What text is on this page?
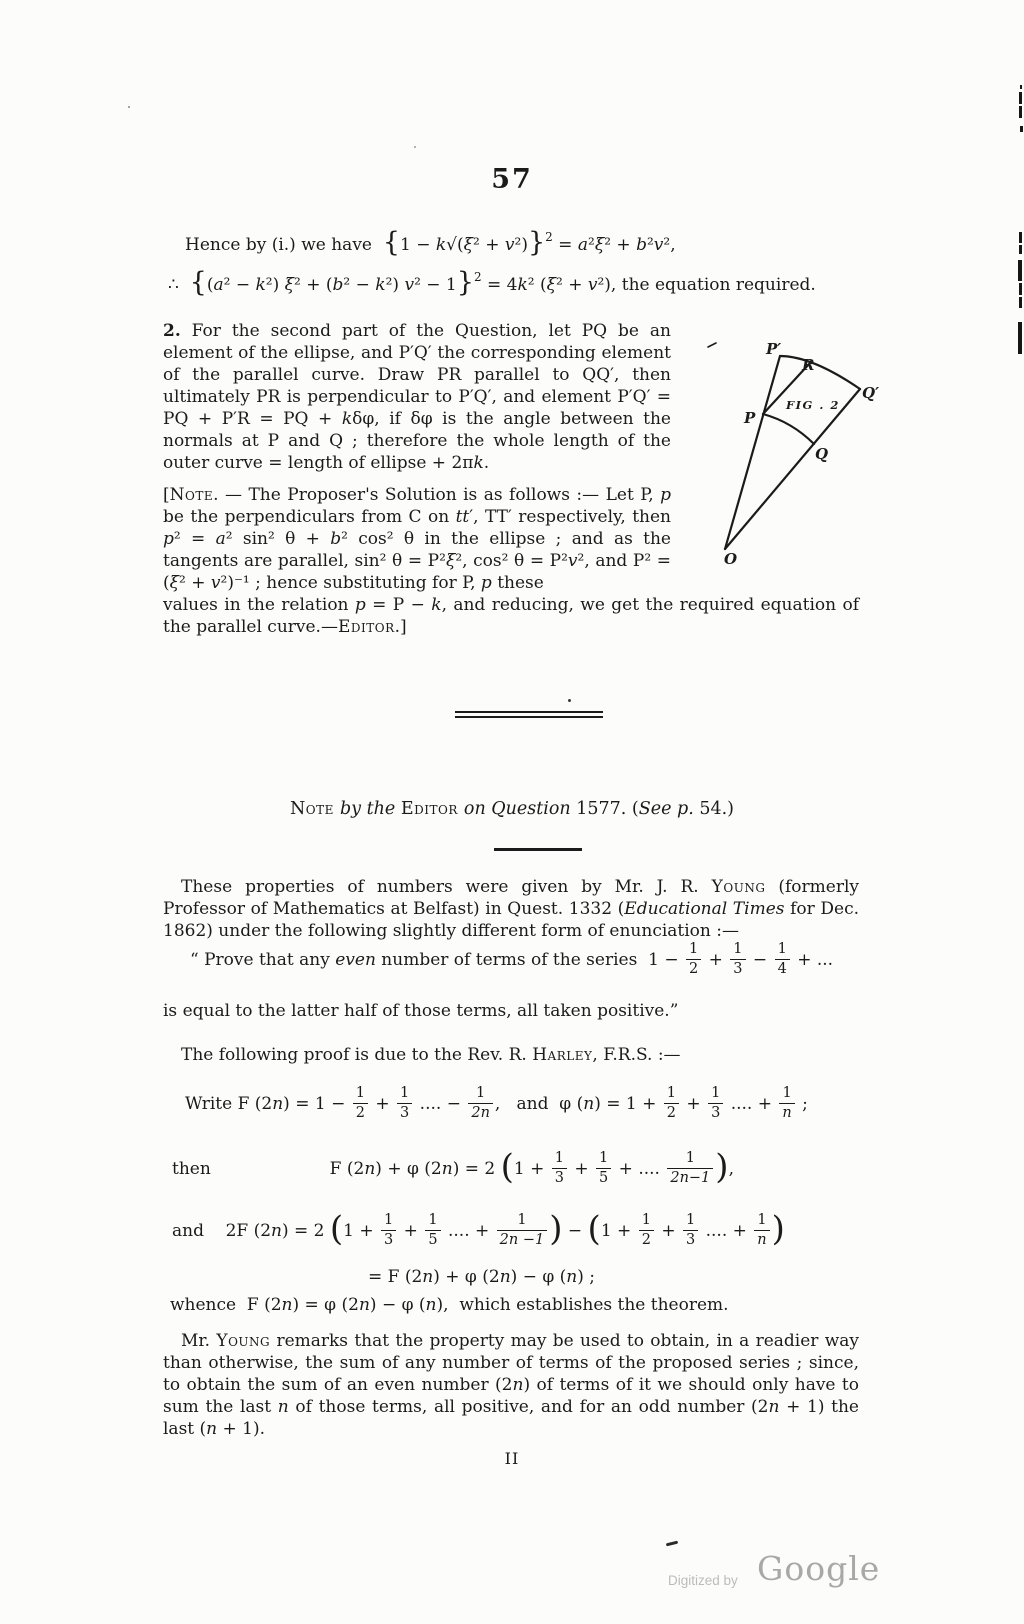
57
Hence by (i.) we have { 1 − k √( ξ ² + v ²) } 2 = a ² ξ ² + b ² v ²,
∴ { ( a ² − k ²) ξ ² + ( b ² − k ²) v ² − 1 } 2 = 4 k ² ( ξ ² + v ²), the equation required.
2. For the second part of the Question, let PQ be an element of the ellipse, and P′Q′ the corresponding element of the parallel curve. Draw PR parallel to QQ′, then ultimately PR is perpendicular to P′Q′, and element P′Q′ = PQ + P′R = PQ + kδφ, if δφ is the angle between the normals at P and Q ; therefore the whole length of the outer curve = length of ellipse + 2πk.
P′
R
Q′
P
Q
O
FIG . 2
[Note. — The Proposer's Solution is as follows :— Let P, p be the perpendiculars from C on tt′, TT′ respectively, then p² = a² sin² θ + b² cos² θ in the ellipse ; and as the tangents are parallel, sin² θ = P²ξ², cos² θ = P²v², and P² = (ξ² + v²)⁻¹ ; hence substituting for P, p these
values in the relation p = P − k, and reducing, we get the required equation of the parallel curve.—Editor.]
Note by the Editor on Question 1577. (See p. 54.)
These properties of numbers were given by Mr. J. R. Young (formerly Professor of Mathematics at Belfast) in Quest. 1332 (Educational Times for Dec. 1862) under the following slightly different form of enunciation :—
“ Prove that any even number of terms of the series  $1 - \frac{1}{2} + \frac{1}{3} - \frac{1}{4}$ + ...
is equal to the latter half of those terms, all taken positive.”
The following proof is due to the Rev. R. Harley, F.R.S. :—
Write F (2 n ) = $1 - \frac{1}{2} + \frac{1}{3}$ .... − $\frac{1}{2n}$ ,   and  φ ( n ) = $1 + \frac{1}{2} + \frac{1}{3}$ .... + $\frac{1}{n}$ ;
then                      F (2 n ) + φ (2 n ) = 2 ( $1 + \frac{1}{3} + \frac{1}{5}$ + .... $\frac{1}{2n-1}$ ) ,
and    2F (2 n ) = 2 ( $1 + \frac{1}{3} + \frac{1}{5}$ .... + $\frac{1}{2n -1}$ ) − ( $1 + \frac{1}{2} + \frac{1}{3}$ .... + $\frac{1}{n}$ )
= F (2 n ) + φ (2 n ) − φ ( n ) ;
whence  F (2 n ) = φ (2 n ) − φ ( n ),  which establishes the theorem.
Mr. Young remarks that the property may be used to obtain, in a readier way than otherwise, the sum of any number of terms of the proposed series ; since, to obtain the sum of an even number (2n) of terms of it we should only have to sum the last n of those terms, all positive, and for an odd number (2n + 1) the last (n + 1).
II
Digitized by Google
